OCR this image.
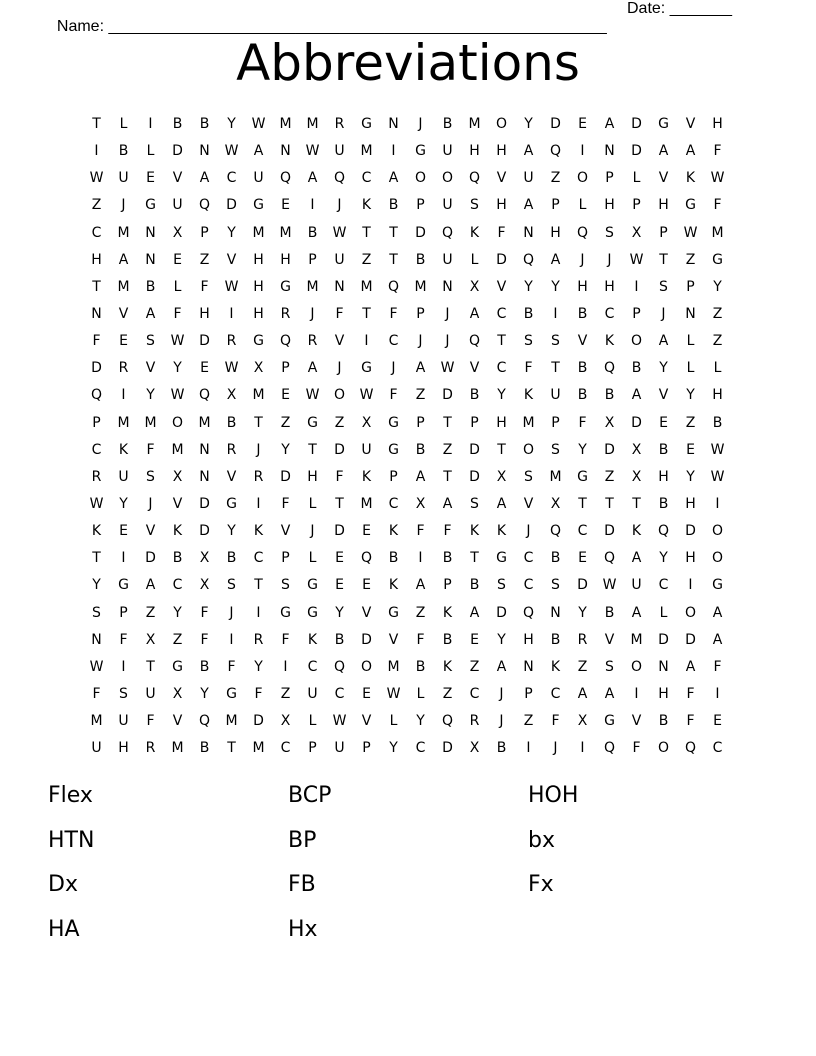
Name: ________________________________________________________

Date: _______

Abbreviations
T	L	I	B	B	Y	W	M	M	R	G	N	J	B	M	O	Y	D	E	A	D	G	V	H
I	B	L	D	N	W	A	N	W	U	M	I	G	U	H	H	A	Q	I	N	D	A	A	F
W	U	E	V	A	C	U	Q	A	Q	C	A	O	O	Q	V	U	Z	O	P	L	V	K	W
Z	J	G	U	Q	D	G	E	I	J	K	B	P	U	S	H	A	P	L	H	P	H	G	F
C	M	N	X	P	Y	M	M	B	W	T	T	D	Q	K	F	N	H	Q	S	X	P	W	M
H	A	N	E	Z	V	H	H	P	U	Z	T	B	U	L	D	Q	A	J	J	W	T	Z	G
T	M	B	L	F	W	H	G	M	N	M	Q	M	N	X	V	Y	Y	H	H	I	S	P	Y
N	V	A	F	H	I	H	R	J	F	T	F	P	J	A	C	B	I	B	C	P	J	N	Z
F	E	S	W	D	R	G	Q	R	V	I	C	J	J	Q	T	S	S	V	K	O	A	L	Z
D	R	V	Y	E	W	X	P	A	J	G	J	A	W	V	C	F	T	B	Q	B	Y	L	L
Q	I	Y	W	Q	X	M	E	W	O	W	F	Z	D	B	Y	K	U	B	B	A	V	Y	H
P	M	M	O	M	B	T	Z	G	Z	X	G	P	T	P	H	M	P	F	X	D	E	Z	B
C	K	F	M	N	R	J	Y	T	D	U	G	B	Z	D	T	O	S	Y	D	X	B	E	W
R	U	S	X	N	V	R	D	H	F	K	P	A	T	D	X	S	M	G	Z	X	H	Y	W
W	Y	J	V	D	G	I	F	L	T	M	C	X	A	S	A	V	X	T	T	T	B	H	I
K	E	V	K	D	Y	K	V	J	D	E	K	F	F	K	K	J	Q	C	D	K	Q	D	O
T	I	D	B	X	B	C	P	L	E	Q	B	I	B	T	G	C	B	E	Q	A	Y	H	O
Y	G	A	C	X	S	T	S	G	E	E	K	A	P	B	S	C	S	D	W	U	C	I	G
S	P	Z	Y	F	J	I	G	G	Y	V	G	Z	K	A	D	Q	N	Y	B	A	L	O	A
N	F	X	Z	F	I	R	F	K	B	D	V	F	B	E	Y	H	B	R	V	M	D	D	A
W	I	T	G	B	F	Y	I	C	Q	O	M	B	K	Z	A	N	K	Z	S	O	N	A	F
F	S	U	X	Y	G	F	Z	U	C	E	W	L	Z	C	J	P	C	A	A	I	H	F	I
M	U	F	V	Q	M	D	X	L	W	V	L	Y	Q	R	J	Z	F	X	G	V	B	F	E
U	H	R	M	B	T	M	C	P	U	P	Y	C	D	X	B	I	J	I	Q	F	O	Q	C
Flex	BCP	HOH
HTN	BP	bx
Dx	FB	Fx
HA	Hx
